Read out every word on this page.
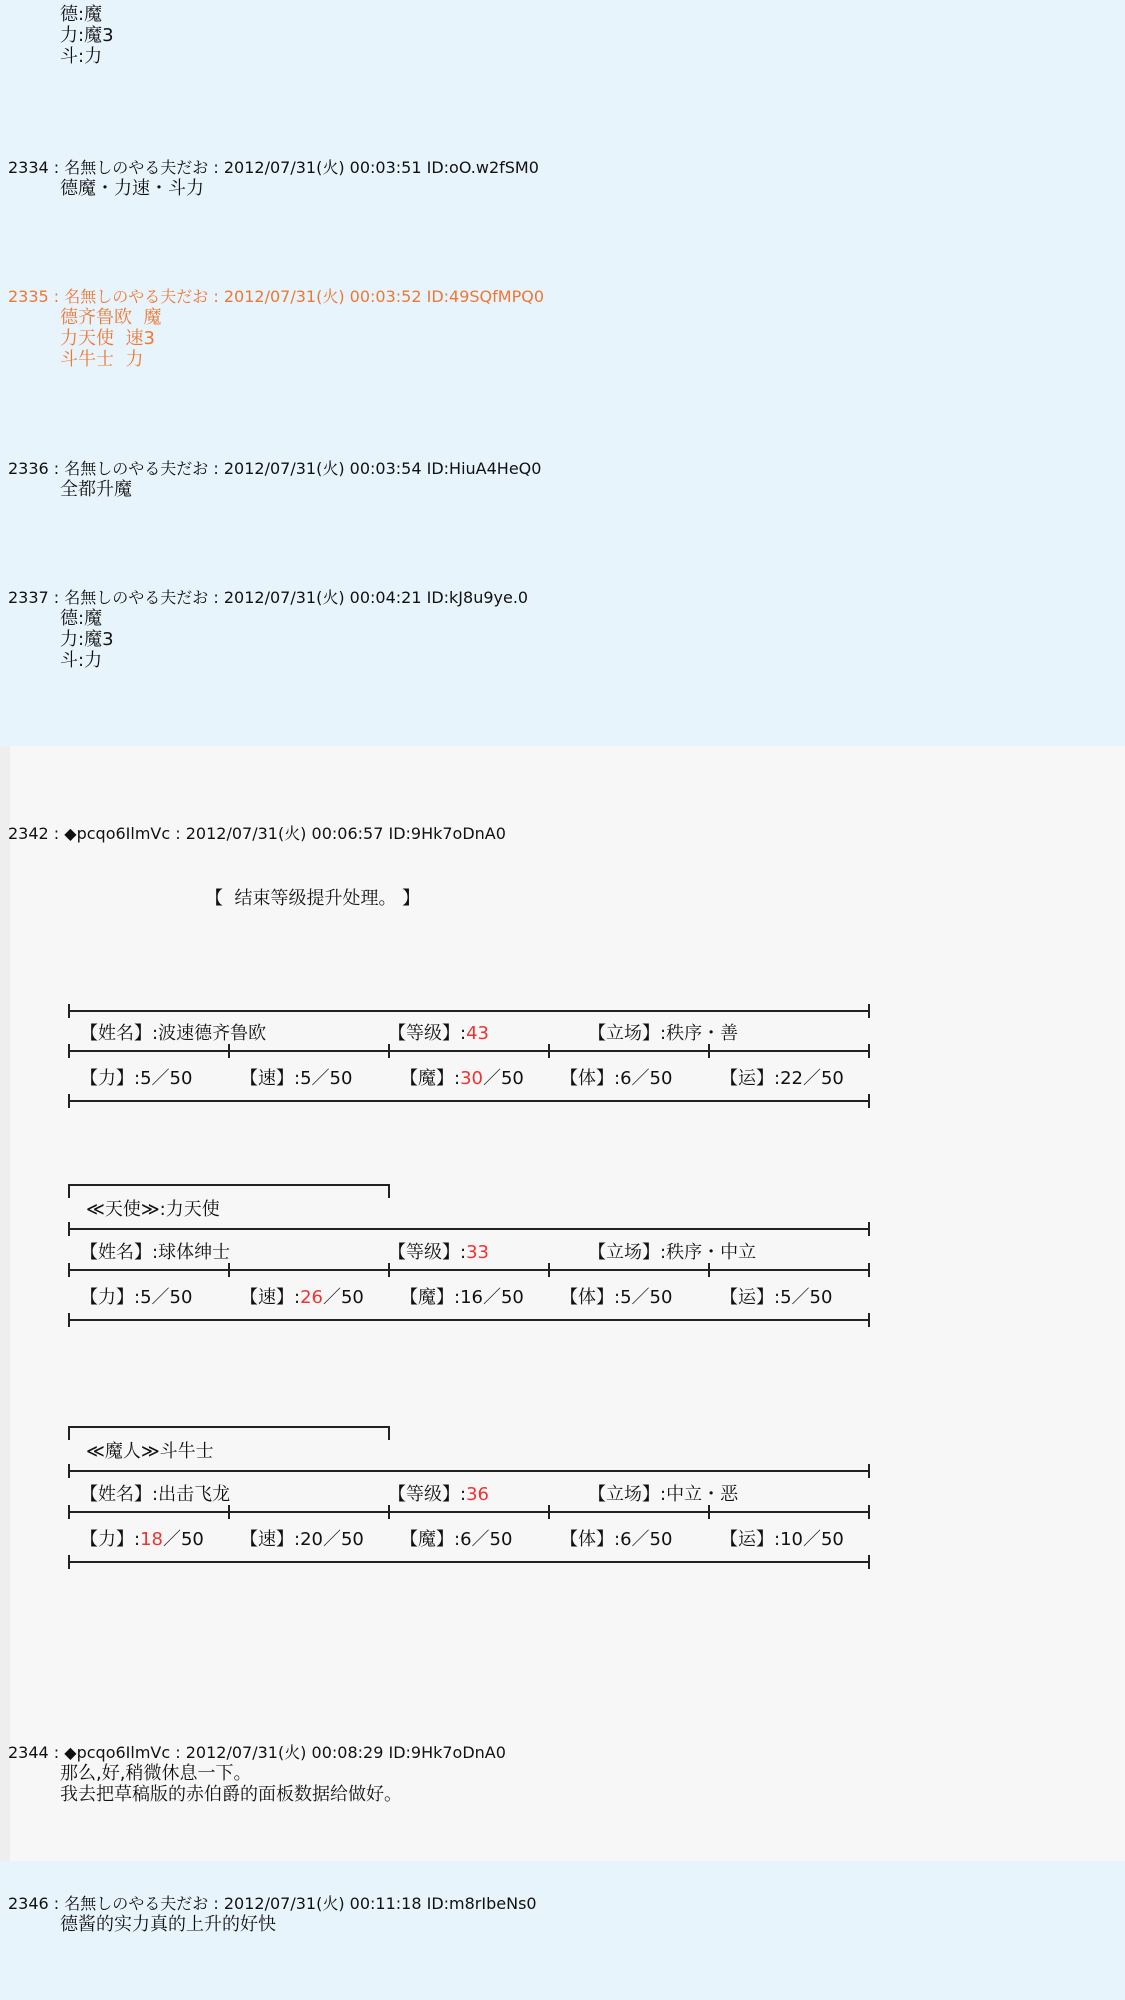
德:魔
力:魔3
斗:力
2334 : 名無しのやる夫だお : 2012/07/31(火) 00:03:51 ID:oO.w2fSM0
德魔・力速・斗力
2335 : 名無しのやる夫だお : 2012/07/31(火) 00:03:52 ID:49SQfMPQ0
德齐鲁欧  魔
力天使  速3
斗牛士  力
2336 : 名無しのやる夫だお : 2012/07/31(火) 00:03:54 ID:HiuA4HeQ0
全都升魔
2337 : 名無しのやる夫だお : 2012/07/31(火) 00:04:21 ID:kJ8u9ye.0
德:魔
力:魔3
斗:力
2342 : ◆pcqo6IlmVc : 2012/07/31(火) 00:06:57 ID:9Hk7oDnA0
【  结束等级提升处理。 】
【姓名】:波速德齐鲁欧	【等级】:43	【立场】:秩序・善
【力】:5／50	【速】:5／50	【魔】:30／50 【体】:6／50	【运】:22／50
≪天使≫:力天使
【姓名】:球体绅士	【等级】:33	【立场】:秩序・中立
【力】:5／50	【速】:26／50 【魔】:16／50 【体】:5／50	【运】:5／50
≪魔人≫斗牛士
【姓名】:出击飞龙	【等级】:36	【立场】:中立・恶
【力】:18／50 【速】:20／50 【魔】:6／50	【体】:6／50	【运】:10／50
2344 : ◆pcqo6IlmVc : 2012/07/31(火) 00:08:29 ID:9Hk7oDnA0
那么,好,稍微休息一下。
我去把草稿版的赤伯爵的面板数据给做好。
2346 : 名無しのやる夫だお : 2012/07/31(火) 00:11:18 ID:m8rIbeNs0
德酱的实力真的上升的好快
